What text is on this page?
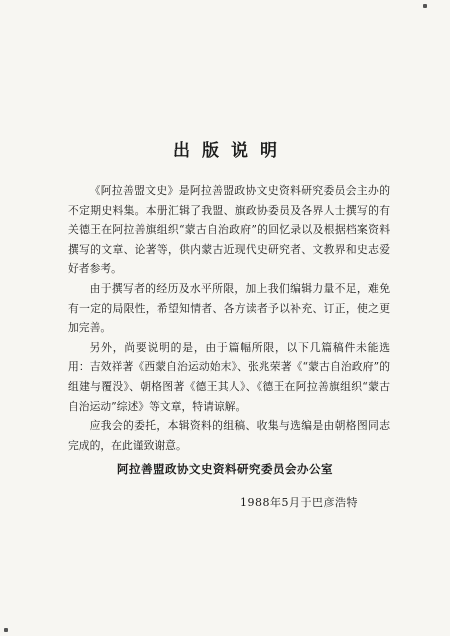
出版说明

《阿拉善盟文史》是阿拉善盟政协文史资料研究委员会主办的不定期史料集。本册汇辑了我盟、旗政协委员及各界人士撰写的有关德王在阿拉善旗组织“蒙古自治政府”的回忆录以及根据档案资料撰写的文章、论著等，供内蒙古近现代史研究者、文教界和史志爱好者参考。

由于撰写者的经历及水平所限，加上我们编辑力量不足，难免有一定的局限性，希望知情者、各方读者予以补充、订正，使之更加完善。

另外，尚要说明的是，由于篇幅所限，以下几篇稿件未能选用：吉效祥著《西蒙自治运动始末》、张兆荣著《“蒙古自治政府”的组建与覆没》、朝格图著《德王其人》、《德王在阿拉善旗组织“蒙古自治运动”综述》等文章，特请谅解。

应我会的委托，本辑资料的组稿、收集与选编是由朝格图同志完成的，在此谨致谢意。

阿拉善盟政协文史资料研究委员会办公室
1988年5月于巴彦浩特
